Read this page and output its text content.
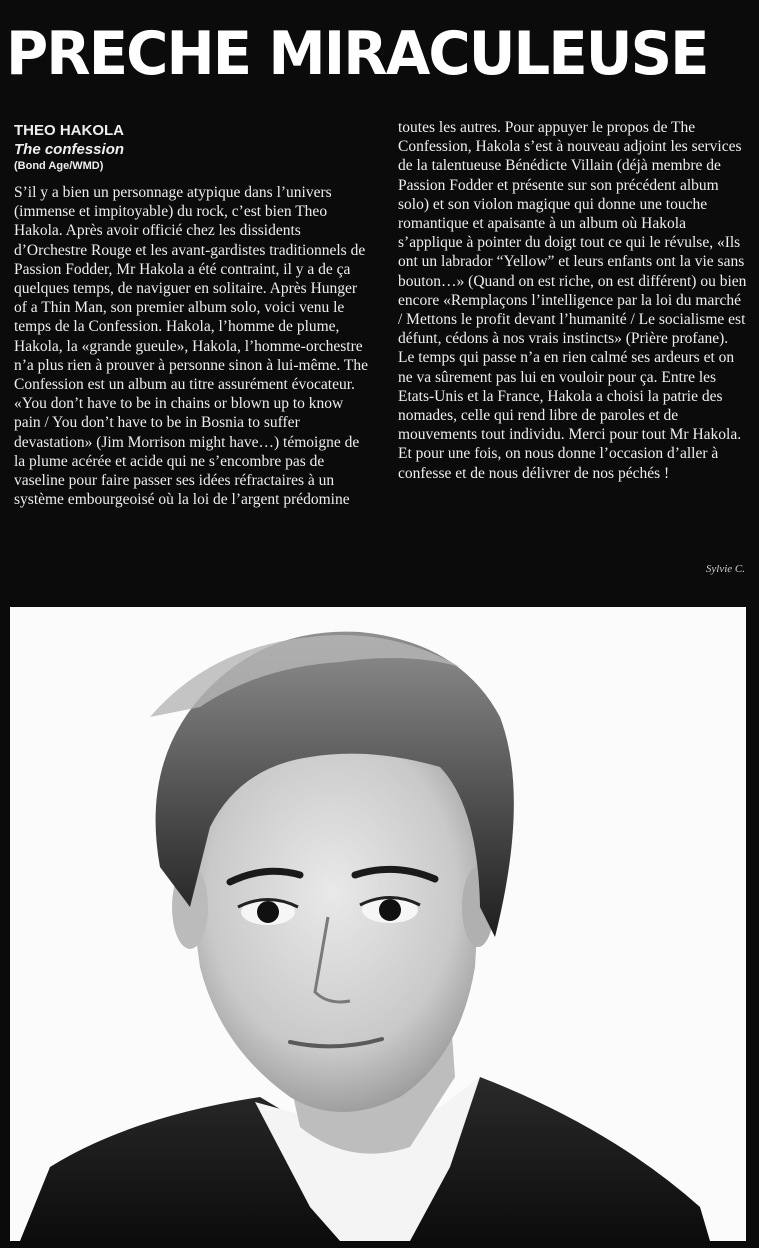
PRECHE MIRACULEUSE
THEO HAKOLA
The confession
(Bond Age/WMD)

S’il y a bien un personnage atypique dans l’univers (immense et impitoyable) du rock, c’est bien Theo Hakola. Après avoir officié chez les dissidents d’Orchestre Rouge et les avant-gardistes traditionnels de Passion Fodder, Mr Hakola a été contraint, il y a de ça quelques temps, de naviguer en solitaire. Après Hunger of a Thin Man, son premier album solo, voici venu le temps de la Confession. Hakola, l’homme de plume, Hakola, la «grande gueule», Hakola, l’homme-orchestre n’a plus rien à prouver à personne sinon à lui-même. The Confession est un album au titre assurément évocateur. «You don’t have to be in chains or blown up to know pain / You don’t have to be in Bosnia to suffer devastation» (Jim Morrison might have…) témoigne de la plume acérée et acide qui ne s’encombre pas de vaseline pour faire passer ses idées réfractaires à un système embourgeoisé où la loi de l’argent prédomine

toutes les autres. Pour appuyer le propos de The Confession, Hakola s’est à nouveau adjoint les services de la talentueuse Bénédicte Villain (déjà membre de Passion Fodder et présente sur son précédent album solo) et son violon magique qui donne une touche romantique et apaisante à un album où Hakola s’applique à pointer du doigt tout ce qui le révulse, «Ils ont un labrador “Yellow” et leurs enfants ont la vie sans bouton…» (Quand on est riche, on est différent) ou bien encore «Remplaçons l’intelligence par la loi du marché / Mettons le profit devant l’humanité / Le socialisme est défunt, cédons à nos vrais instincts» (Prière profane). Le temps qui passe n’a en rien calmé ses ardeurs et on ne va sûrement pas lui en vouloir pour ça. Entre les Etats-Unis et la France, Hakola a choisi la patrie des nomades, celle qui rend libre de paroles et de mouvements tout individu. Merci pour tout Mr Hakola. Et pour une fois, on nous donne l’occasion d’aller à confesse et de nous délivrer de nos péchés !

Sylvie C.
